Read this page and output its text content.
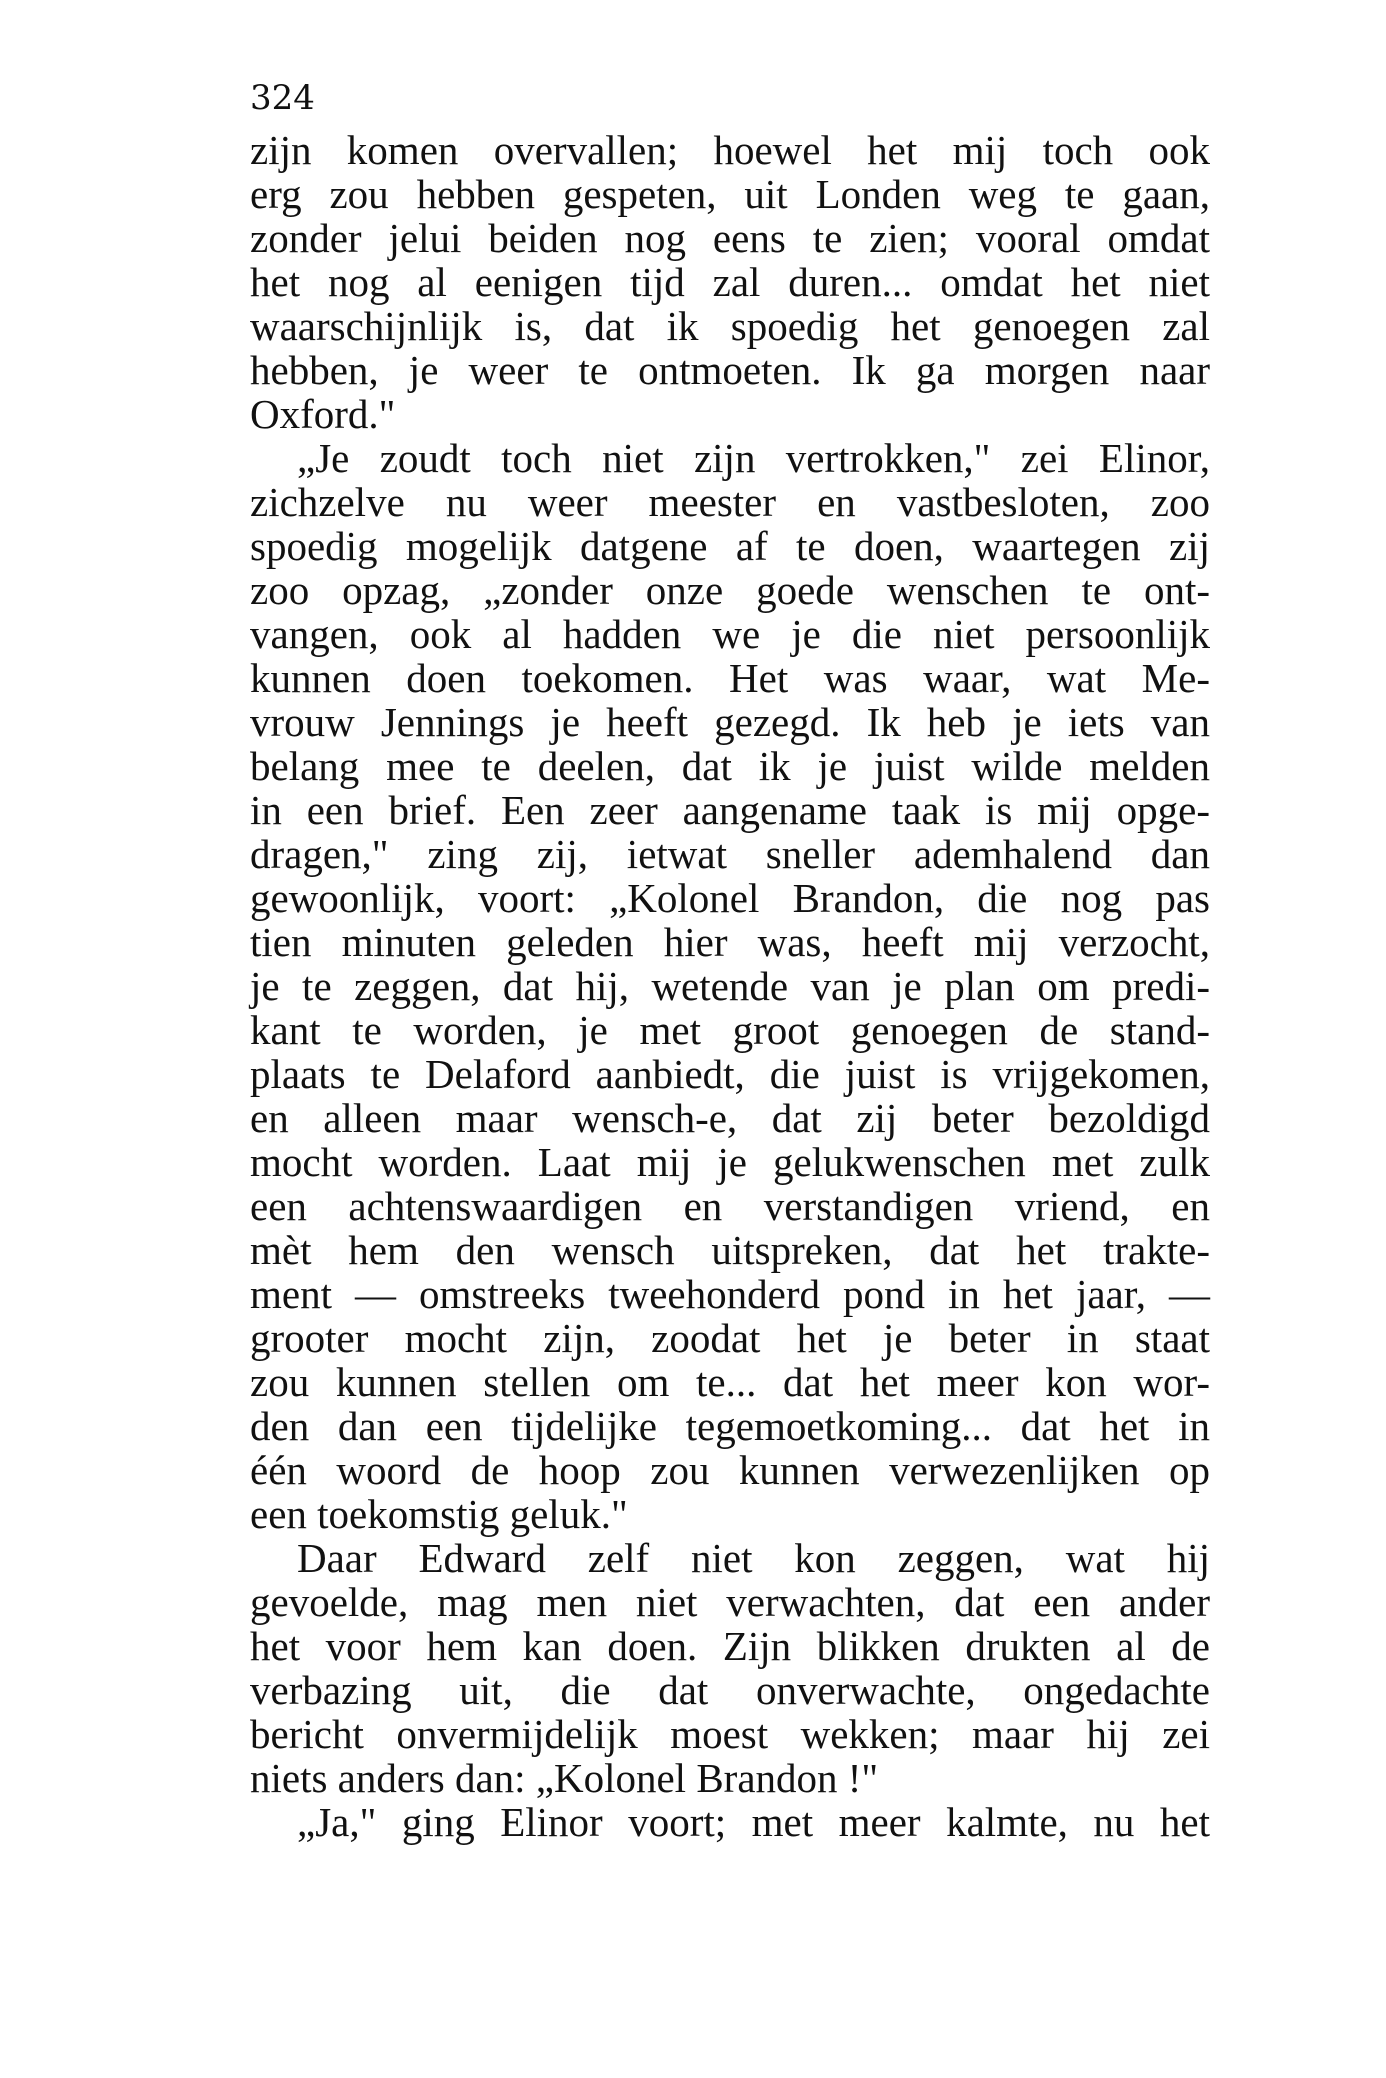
324
zijn komen overvallen; hoewel het mij toch ook
erg zou hebben gespeten, uit Londen weg te gaan,
zonder jelui beiden nog eens te zien; vooral omdat
het nog al eenigen tijd zal duren... omdat het niet
waarschijnlijk is, dat ik spoedig het genoegen zal
hebben, je weer te ontmoeten. Ik ga morgen naar
Oxford."
„Je zoudt toch niet zijn vertrokken," zei Elinor,
zichzelve nu weer meester en vastbesloten, zoo
spoedig mogelijk datgene af te doen, waartegen zij
zoo opzag, „zonder onze goede wenschen te ont-
vangen, ook al hadden we je die niet persoonlijk
kunnen doen toekomen. Het was waar, wat Me-
vrouw Jennings je heeft gezegd. Ik heb je iets van
belang mee te deelen, dat ik je juist wilde melden
in een brief. Een zeer aangename taak is mij opge-
dragen," zing zij, ietwat sneller ademhalend dan
gewoonlijk, voort: „Kolonel Brandon, die nog pas
tien minuten geleden hier was, heeft mij verzocht,
je te zeggen, dat hij, wetende van je plan om predi-
kant te worden, je met groot genoegen de stand-
plaats te Delaford aanbiedt, die juist is vrijgekomen,
en alleen maar wensch-e, dat zij beter bezoldigd
mocht worden. Laat mij je gelukwenschen met zulk
een achtenswaardigen en verstandigen vriend, en
mèt hem den wensch uitspreken, dat het trakte-
ment — omstreeks tweehonderd pond in het jaar, —
grooter mocht zijn, zoodat het je beter in staat
zou kunnen stellen om te... dat het meer kon wor-
den dan een tijdelijke tegemoetkoming... dat het in
één woord de hoop zou kunnen verwezenlijken op
een toekomstig geluk."
Daar Edward zelf niet kon zeggen, wat hij
gevoelde, mag men niet verwachten, dat een ander
het voor hem kan doen. Zijn blikken drukten al de
verbazing uit, die dat onverwachte, ongedachte
bericht onvermijdelijk moest wekken; maar hij zei
niets anders dan: „Kolonel Brandon !"
„Ja," ging Elinor voort; met meer kalmte, nu het
